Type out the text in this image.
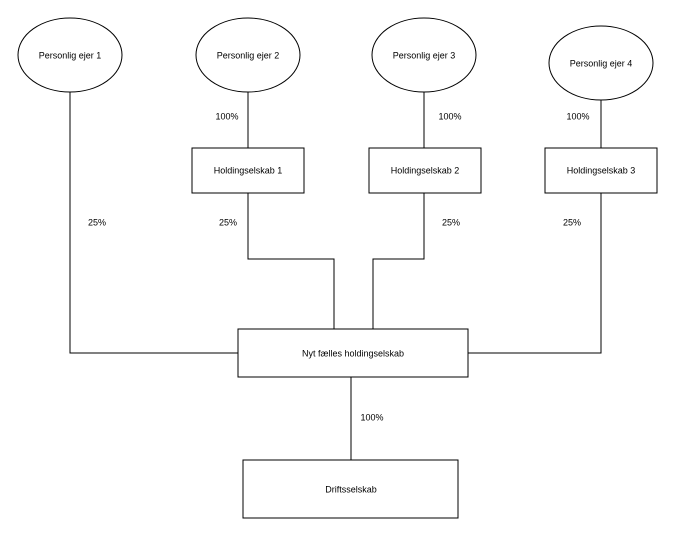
Personlig ejer 1	Personlig ejer 2	Personlig ejer 3
Personlig ejer 4
Holdingselskab 1	Holdingselskab 2	Holdingselskab 3
Nyt fælles holdingselskab
Driftsselskab
100%	100%	100%
25%	25%	25%	25%
100%
